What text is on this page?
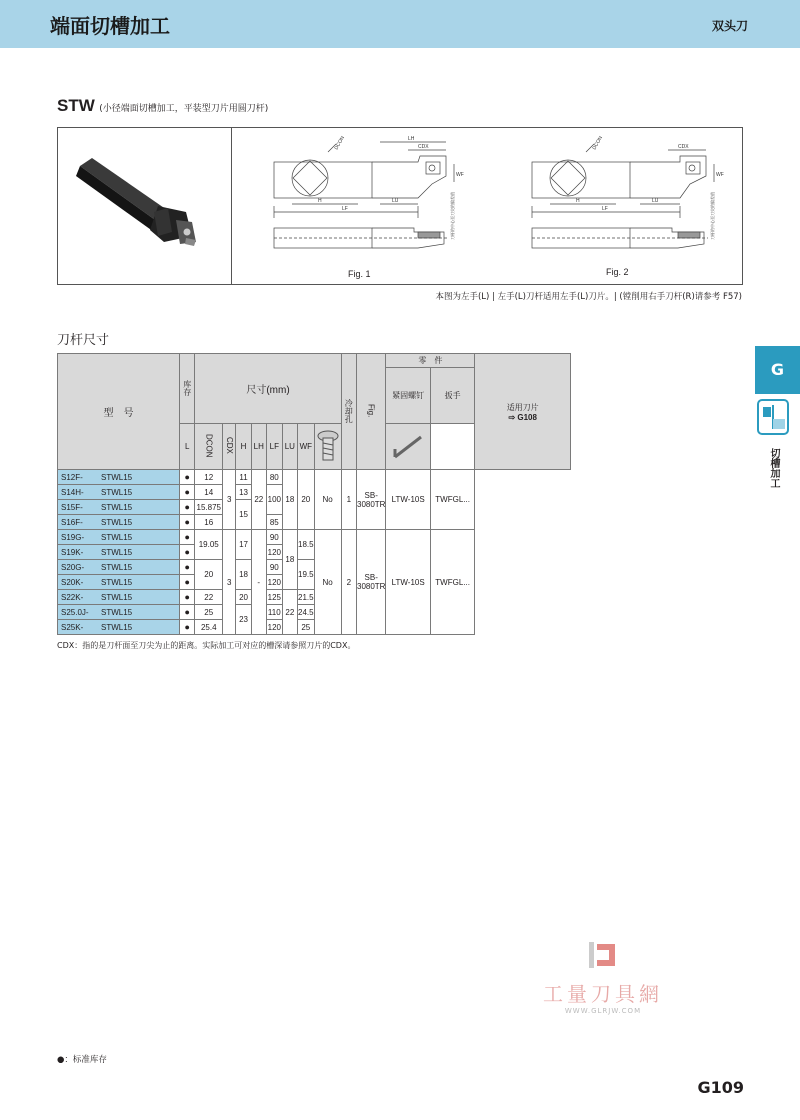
端面切槽加工	双头刀
STW (小径端面切槽加工，平装型刀片用圆刀杆)
LH
CDX
H	LU
LF
WF
DCON
刀杆的中心至刀尖的偏差值
CDX
H	LU
LF
WF
DCON
刀杆的中心至刀尖的偏差值
Fig. 1	Fig. 2
本图为左手(L) | 左手(L)刀杆适用左手(L)刀片。| (镗削用右手刀杆(R)请参考 F57)
刀杆尺寸
型　号	库存	尺寸(mm)								冷却孔	Fig.	零　件		适用刀片
⇨ G108

												紧固螺钉	扳手	

	L	DCON	CDX	H	LH	LF	LU	WF		
S12F- STWL15	●	12	3	11	22	80	18	20	No	1	SB-3080TR	LTW-10S	TWFGL...	
S14H- STWL15	●	14		13		100								
S15F- STWL15	●	15.875		15										
S16F- STWL15	●	16				85								
S19G- STWL15	●	19.05	3	17	-	90	18	18.5	No	2	SB-3080TR	LTW-10S	TWFGL...	
S19K- STWL15	●					120								
S20G- STWL15	●	20		18		90		19.5						
S20K- STWL15	●					120								
S22K- STWL15	●	22		20		125	22	21.5						
S25.0J- STWL15	●	25		23		110		24.5						
S25K- STWL15	●	25.4				120		25						
CDX：指的是刀杆面至刀尖为止的距离。实际加工可对应的槽深请参照刀片的CDX。
G
切槽加工
工量刀具網
WWW.GLRJW.COM
●：标准库存
G109
